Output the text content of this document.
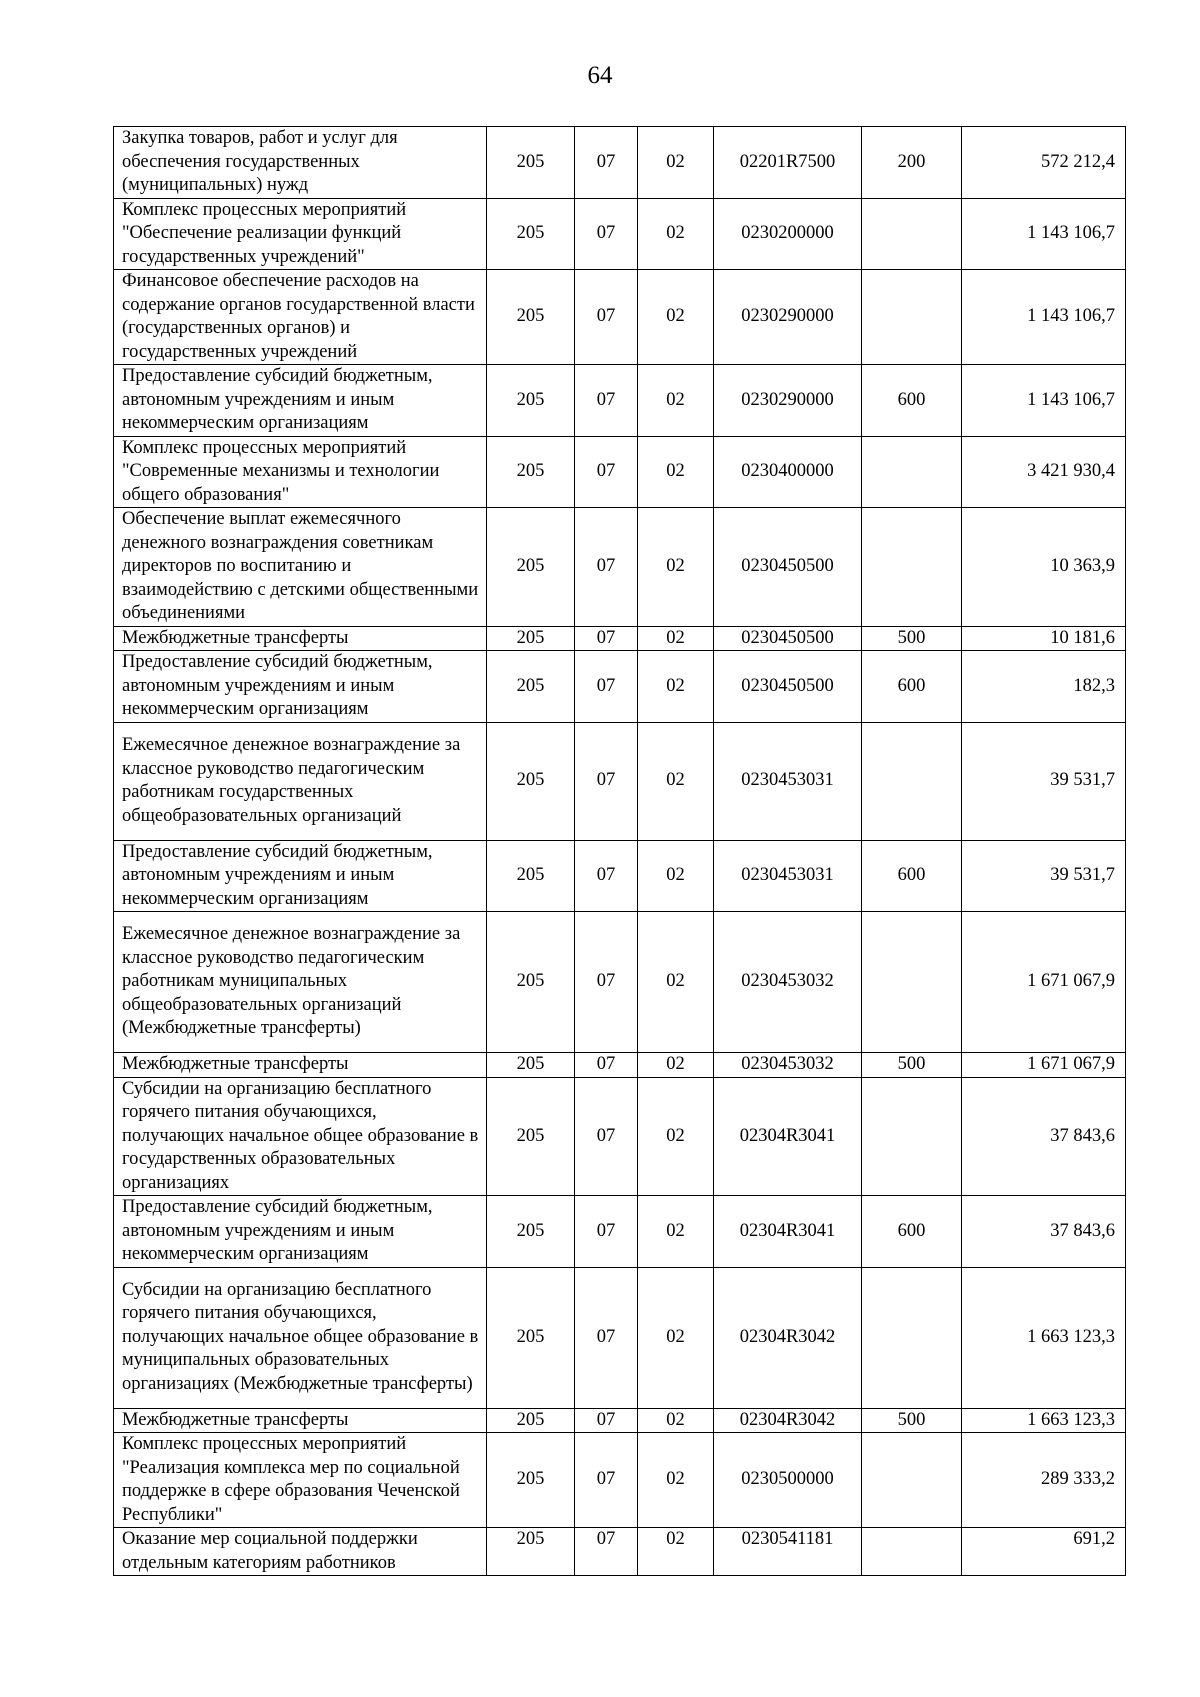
64
Закупка товаров, работ и услуг для обеспечения государственных (муниципальных) нужд	205	07	02	02201R7500	200	572 212,4
Комплекс процессных мероприятий "Обеспечение реализации функций государственных учреждений"	205	07	02	0230200000		1 143 106,7
Финансовое обеспечение расходов на содержание органов государственной власти (государственных органов) и государственных учреждений	205	07	02	0230290000		1 143 106,7
Предоставление субсидий бюджетным, автономным учреждениям и иным некоммерческим организациям	205	07	02	0230290000	600	1 143 106,7
Комплекс процессных мероприятий "Современные механизмы и технологии общего образования"	205	07	02	0230400000		3 421 930,4
Обеспечение выплат ежемесячного денежного вознаграждения советникам директоров по воспитанию и взаимодействию с детскими общественными объединениями	205	07	02	0230450500		10 363,9
Межбюджетные трансферты	205	07	02	0230450500	500	10 181,6
Предоставление субсидий бюджетным, автономным учреждениям и иным некоммерческим организациям	205	07	02	0230450500	600	182,3
Ежемесячное денежное вознаграждение за классное руководство педагогическим работникам государственных общеобразовательных организаций	205	07	02	0230453031		39 531,7
Предоставление субсидий бюджетным, автономным учреждениям и иным некоммерческим организациям	205	07	02	0230453031	600	39 531,7
Ежемесячное денежное вознаграждение за классное руководство педагогическим работникам муниципальных общеобразовательных организаций (Межбюджетные трансферты)	205	07	02	0230453032		1 671 067,9
Межбюджетные трансферты	205	07	02	0230453032	500	1 671 067,9
Субсидии на организацию бесплатного горячего питания обучающихся, получающих начальное общее образование в государственных образовательных организациях	205	07	02	02304R3041		37 843,6
Предоставление субсидий бюджетным, автономным учреждениям и иным некоммерческим организациям	205	07	02	02304R3041	600	37 843,6
Субсидии на организацию бесплатного горячего питания обучающихся, получающих начальное общее образование в муниципальных образовательных организациях (Межбюджетные трансферты)	205	07	02	02304R3042		1 663 123,3
Межбюджетные трансферты	205	07	02	02304R3042	500	1 663 123,3
Комплекс процессных мероприятий "Реализация комплекса мер по социальной поддержке в сфере образования Чеченской Республики"	205	07	02	0230500000		289 333,2
Оказание мер социальной поддержки отдельным категориям работников	205	07	02	0230541181		691,2
